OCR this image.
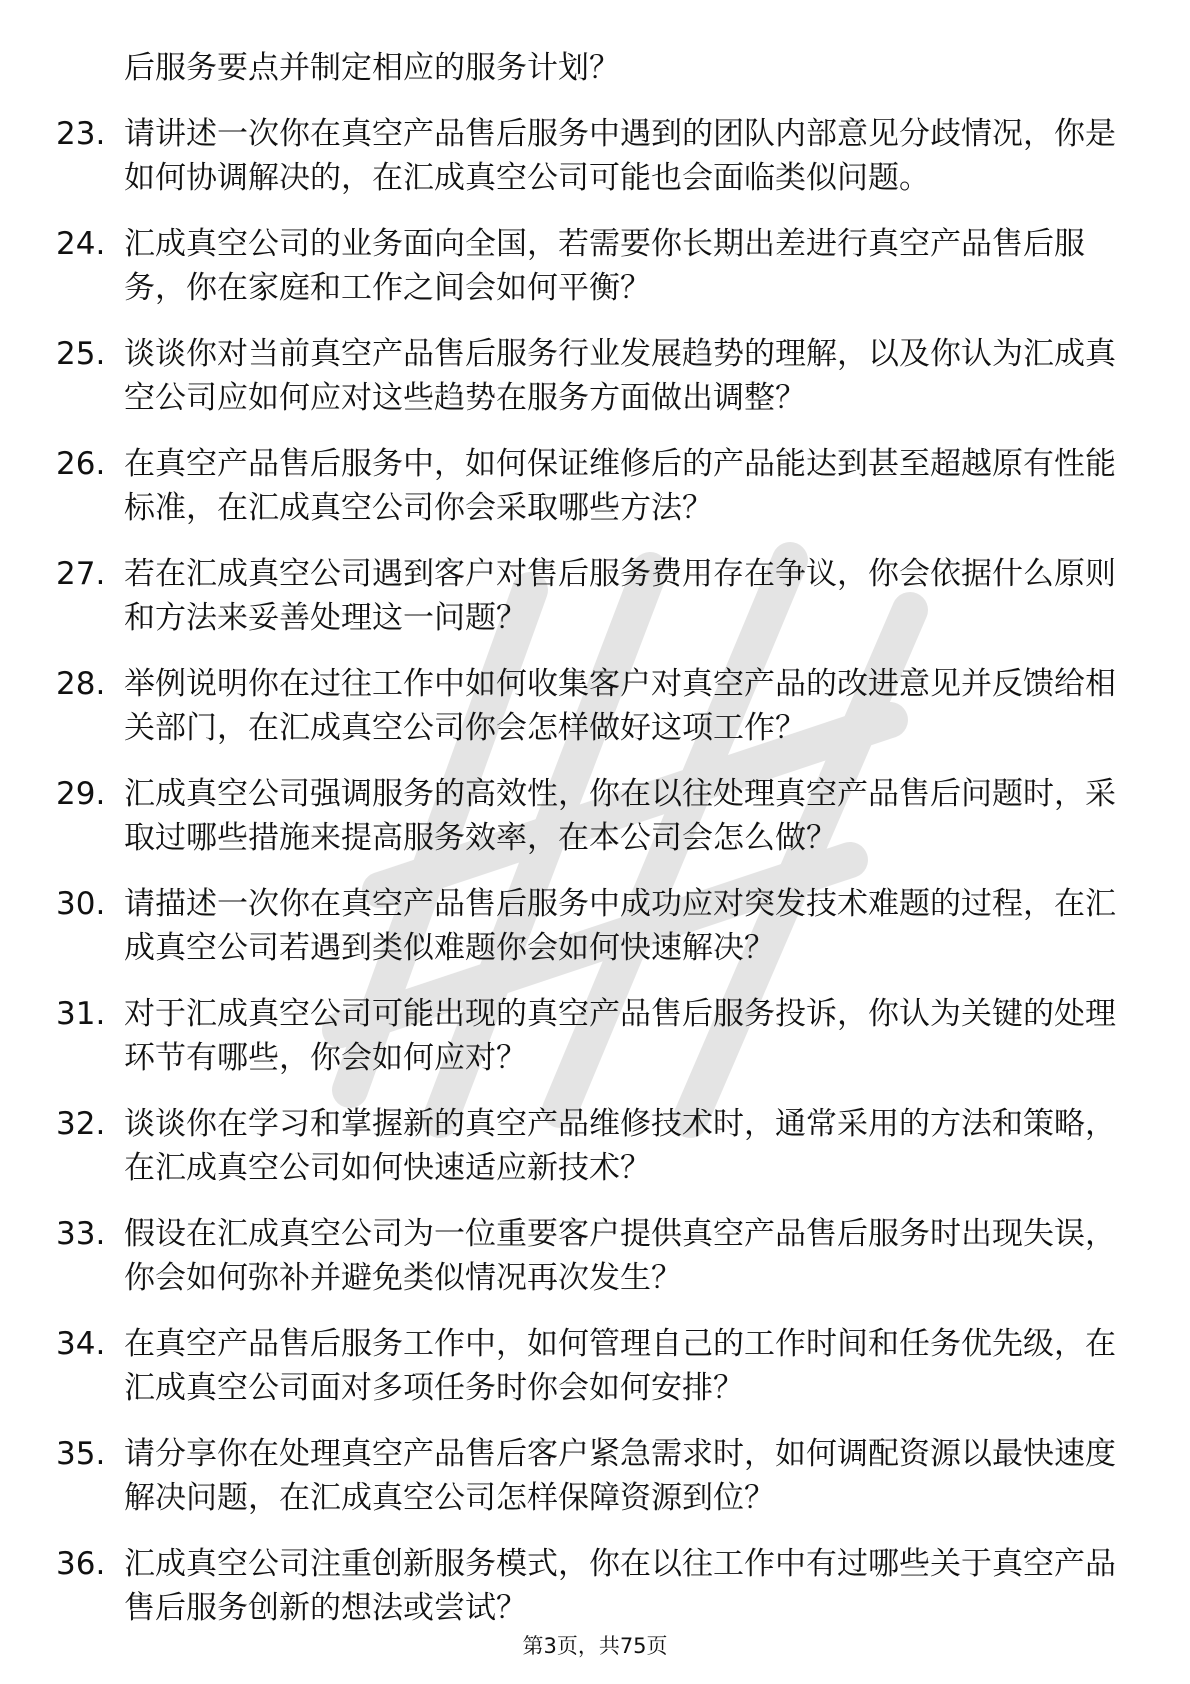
后服务要点并制定相应的服务计划？
23. 请讲述一次你在真空产品售后服务中遇到的团队内部意见分歧情况，你是如何协调解决的，在汇成真空公司可能也会面临类似问题。
24. 汇成真空公司的业务面向全国，若需要你长期出差进行真空产品售后服务，你在家庭和工作之间会如何平衡？
25. 谈谈你对当前真空产品售后服务行业发展趋势的理解，以及你认为汇成真空公司应如何应对这些趋势在服务方面做出调整？
26. 在真空产品售后服务中，如何保证维修后的产品能达到甚至超越原有性能标准，在汇成真空公司你会采取哪些方法？
27. 若在汇成真空公司遇到客户对售后服务费用存在争议，你会依据什么原则和方法来妥善处理这一问题？
28. 举例说明你在过往工作中如何收集客户对真空产品的改进意见并反馈给相关部门，在汇成真空公司你会怎样做好这项工作？
29. 汇成真空公司强调服务的高效性，你在以往处理真空产品售后问题时，采取过哪些措施来提高服务效率，在本公司会怎么做？
30. 请描述一次你在真空产品售后服务中成功应对突发技术难题的过程，在汇成真空公司若遇到类似难题你会如何快速解决？
31. 对于汇成真空公司可能出现的真空产品售后服务投诉，你认为关键的处理环节有哪些，你会如何应对？
32. 谈谈你在学习和掌握新的真空产品维修技术时，通常采用的方法和策略，在汇成真空公司如何快速适应新技术？
33. 假设在汇成真空公司为一位重要客户提供真空产品售后服务时出现失误，你会如何弥补并避免类似情况再次发生？
34. 在真空产品售后服务工作中，如何管理自己的工作时间和任务优先级，在汇成真空公司面对多项任务时你会如何安排？
35. 请分享你在处理真空产品售后客户紧急需求时，如何调配资源以最快速度解决问题，在汇成真空公司怎样保障资源到位？
36. 汇成真空公司注重创新服务模式，你在以往工作中有过哪些关于真空产品售后服务创新的想法或尝试？
第3页，共75页
